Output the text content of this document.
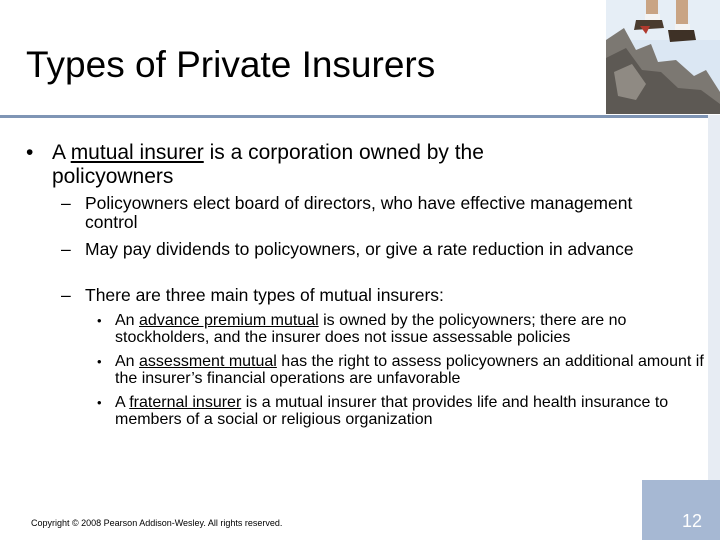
Types of Private Insurers
• A mutual insurer is a corporation owned by the policyowners
– Policyowners elect board of directors, who have effective management control
– May pay dividends to policyowners, or give a rate reduction in advance
– There are three main types of mutual insurers:
• An advance premium mutual is owned by the policyowners; there are no stockholders, and the insurer does not issue assessable policies
• An assessment mutual has the right to assess policyowners an additional amount if the insurer’s financial operations are unfavorable
• A fraternal insurer is a mutual insurer that provides life and health insurance to members of a social or religious organization
Copyright © 2008 Pearson Addison-Wesley. All rights reserved.	12
